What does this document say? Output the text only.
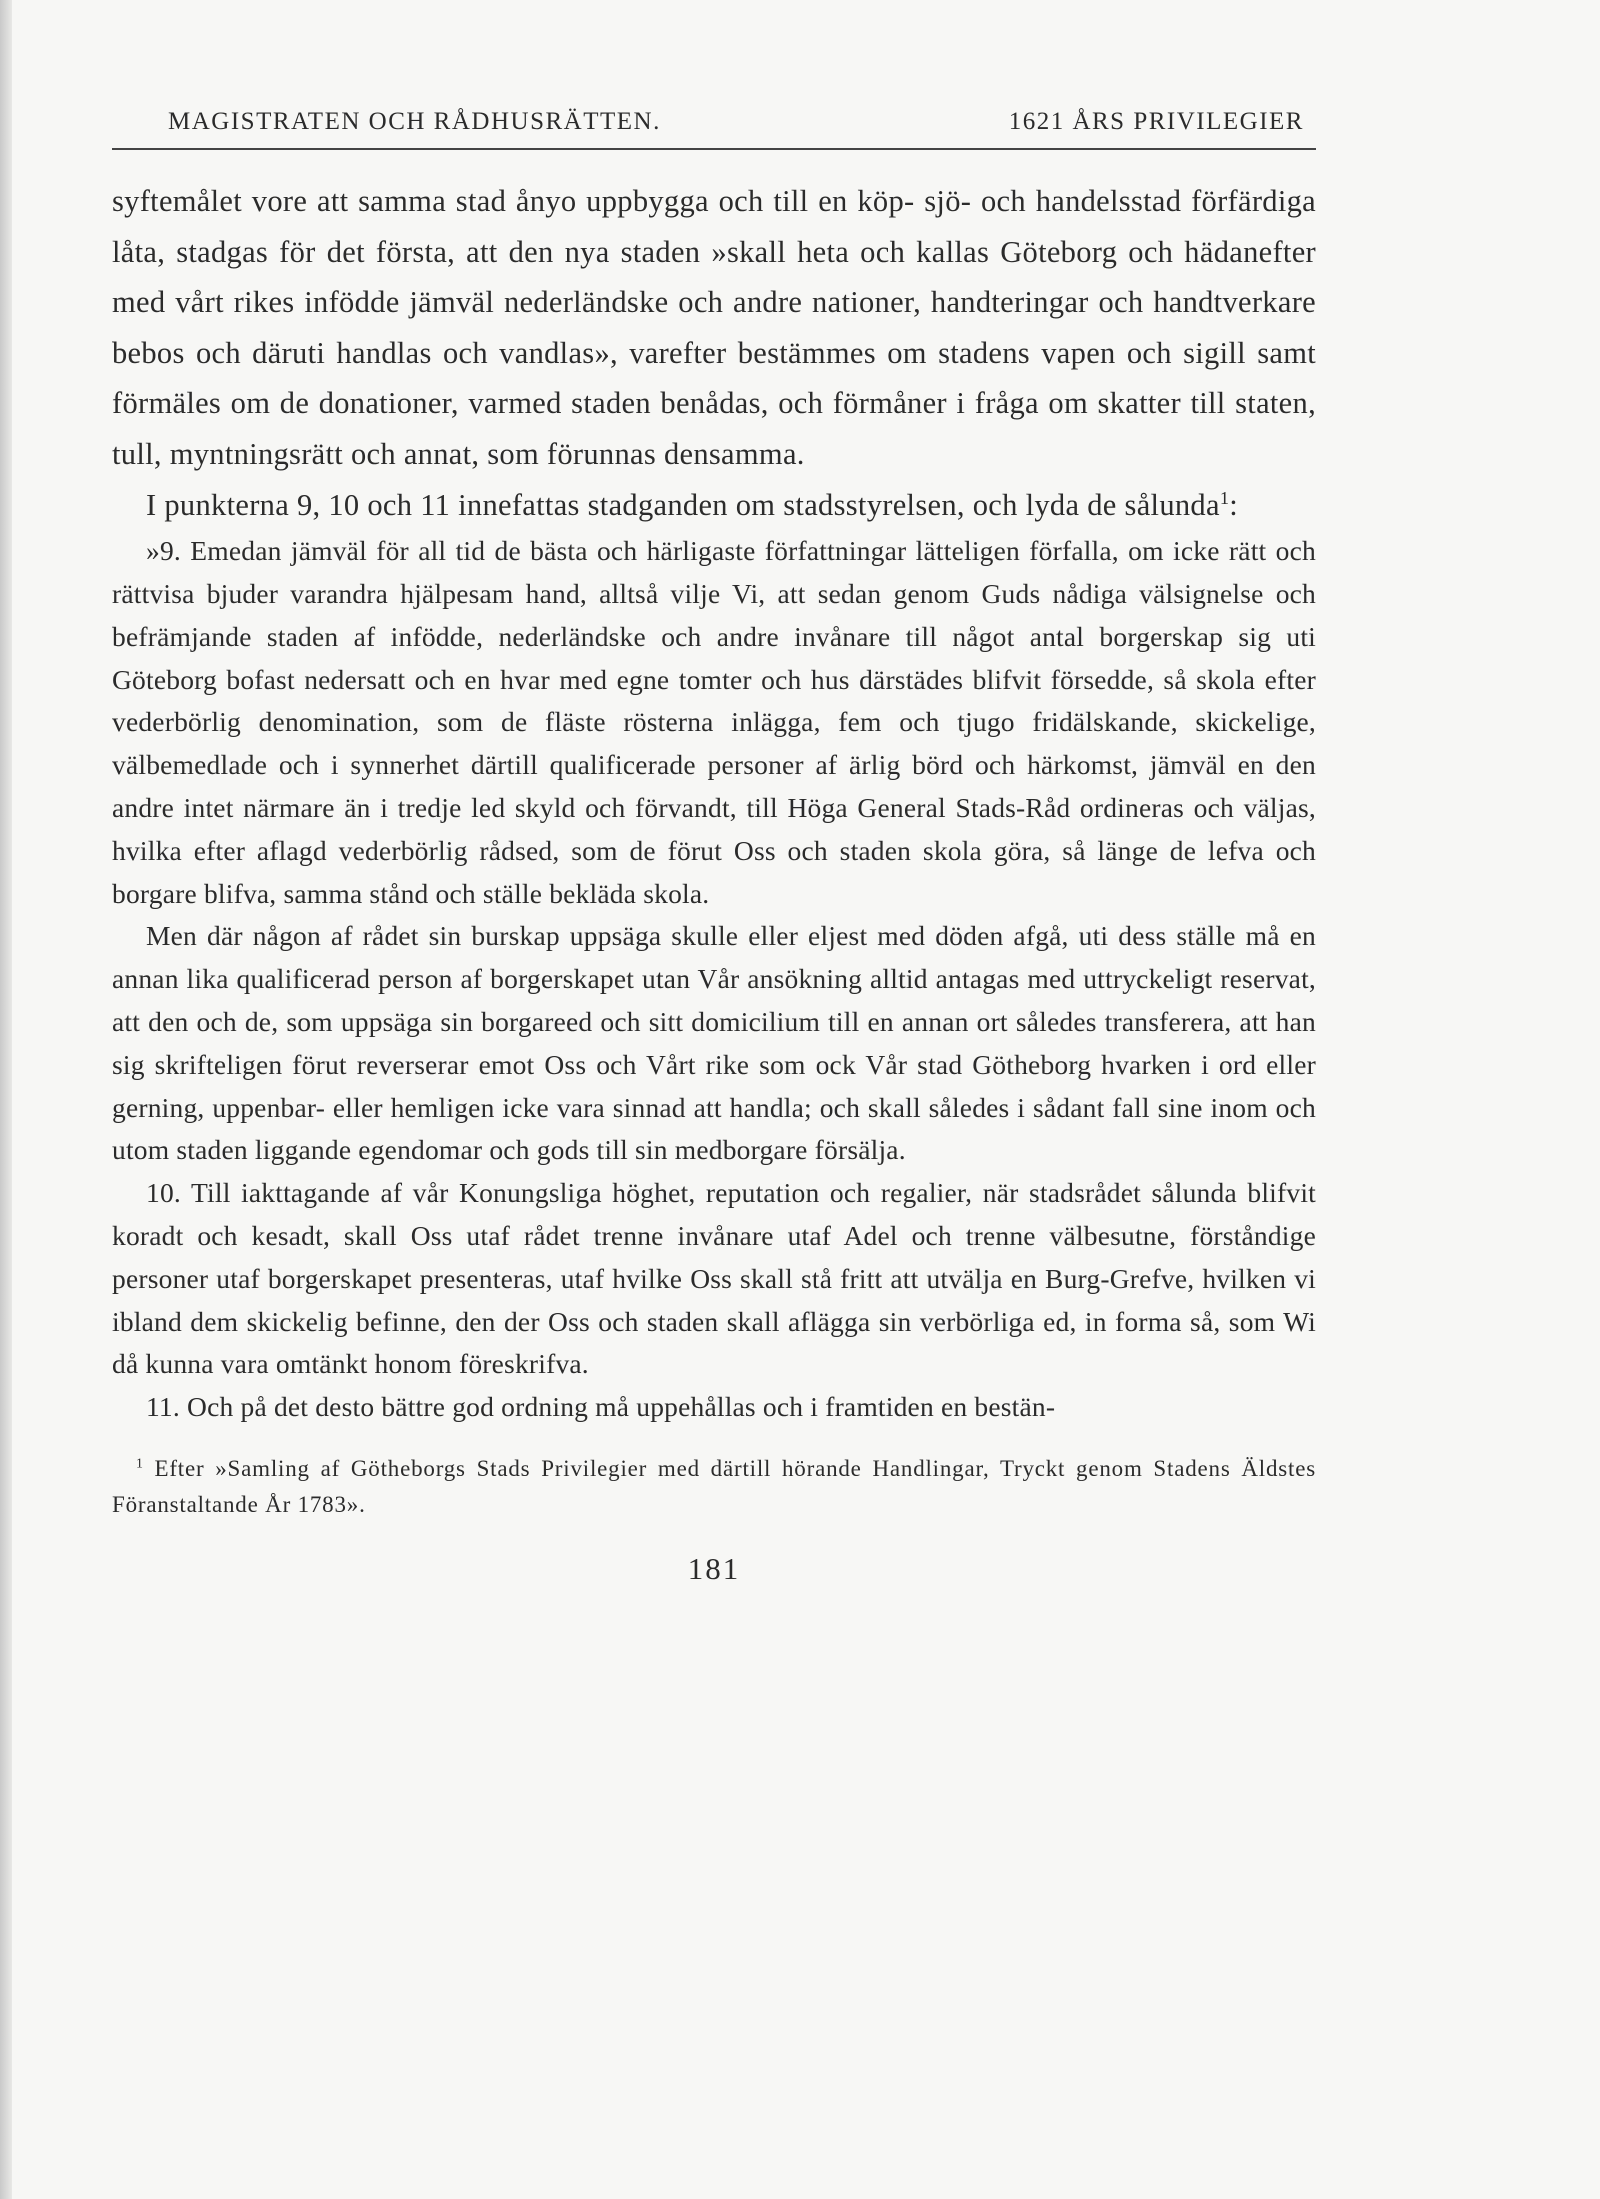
MAGISTRATEN OCH RÅDHUSRÄTTEN.	1621 ÅRS PRIVILEGIER

syftemålet vore att samma stad ånyo uppbygga och till en köp- sjö- och handelsstad förfärdiga låta, stadgas för det första, att den nya staden »skall heta och kallas Göteborg och hädanefter med vårt rikes infödde jämväl nederländske och andre nationer, handteringar och handtverkare bebos och däruti handlas och vandlas», varefter bestämmes om stadens vapen och sigill samt förmäles om de donationer, varmed staden benådas, och förmåner i fråga om skatter till staten, tull, myntningsrätt och annat, som förunnas densamma.

I punkterna 9, 10 och 11 innefattas stadganden om stadsstyrelsen, och lyda de sålunda$^1$:

»9. Emedan jämväl för all tid de bästa och härligaste författningar lätteligen förfalla, om icke rätt och rättvisa bjuder varandra hjälpesam hand, alltså vilje Vi, att sedan genom Guds nådiga välsignelse och befrämjande staden af infödde, nederländske och andre invånare till något antal borgerskap sig uti Göteborg bofast nedersatt och en hvar med egne tomter och hus därstädes blifvit försedde, så skola efter vederbörlig denomination, som de fläste rösterna inlägga, fem och tjugo fridälskande, skickelige, välbemedlade och i synnerhet därtill qualificerade personer af ärlig börd och härkomst, jämväl en den andre intet närmare än i tredje led skyld och förvandt, till Höga General Stads-Råd ordineras och väljas, hvilka efter aflagd vederbörlig rådsed, som de förut Oss och staden skola göra, så länge de lefva och borgare blifva, samma stånd och ställe bekläda skola.

Men där någon af rådet sin burskap uppsäga skulle eller eljest med döden afgå, uti dess ställe må en annan lika qualificerad person af borgerskapet utan Vår ansökning alltid antagas med uttryckeligt reservat, att den och de, som uppsäga sin borgareed och sitt domicilium till en annan ort således transferera, att han sig skrifteligen förut reverserar emot Oss och Vårt rike som ock Vår stad Götheborg hvarken i ord eller gerning, uppenbar- eller hemligen icke vara sinnad att handla; och skall således i sådant fall sine inom och utom staden liggande egendomar och gods till sin medborgare försälja.

10. Till iakttagande af vår Konungsliga höghet, reputation och regalier, när stadsrådet sålunda blifvit koradt och kesadt, skall Oss utaf rådet trenne invånare utaf Adel och trenne välbesutne, förståndige personer utaf borgerskapet presenteras, utaf hvilke Oss skall stå fritt att utvälja en Burg-Grefve, hvilken vi ibland dem skickelig befinne, den der Oss och staden skall aflägga sin verbörliga ed, in forma så, som Wi då kunna vara omtänkt honom föreskrifva.

11. Och på det desto bättre god ordning må uppehållas och i framtiden en bestän-

$^1$ Efter »Samling af Götheborgs Stads Privilegier med därtill hörande Handlingar, Tryckt genom Stadens Äldstes Föranstaltande År 1783».

181
